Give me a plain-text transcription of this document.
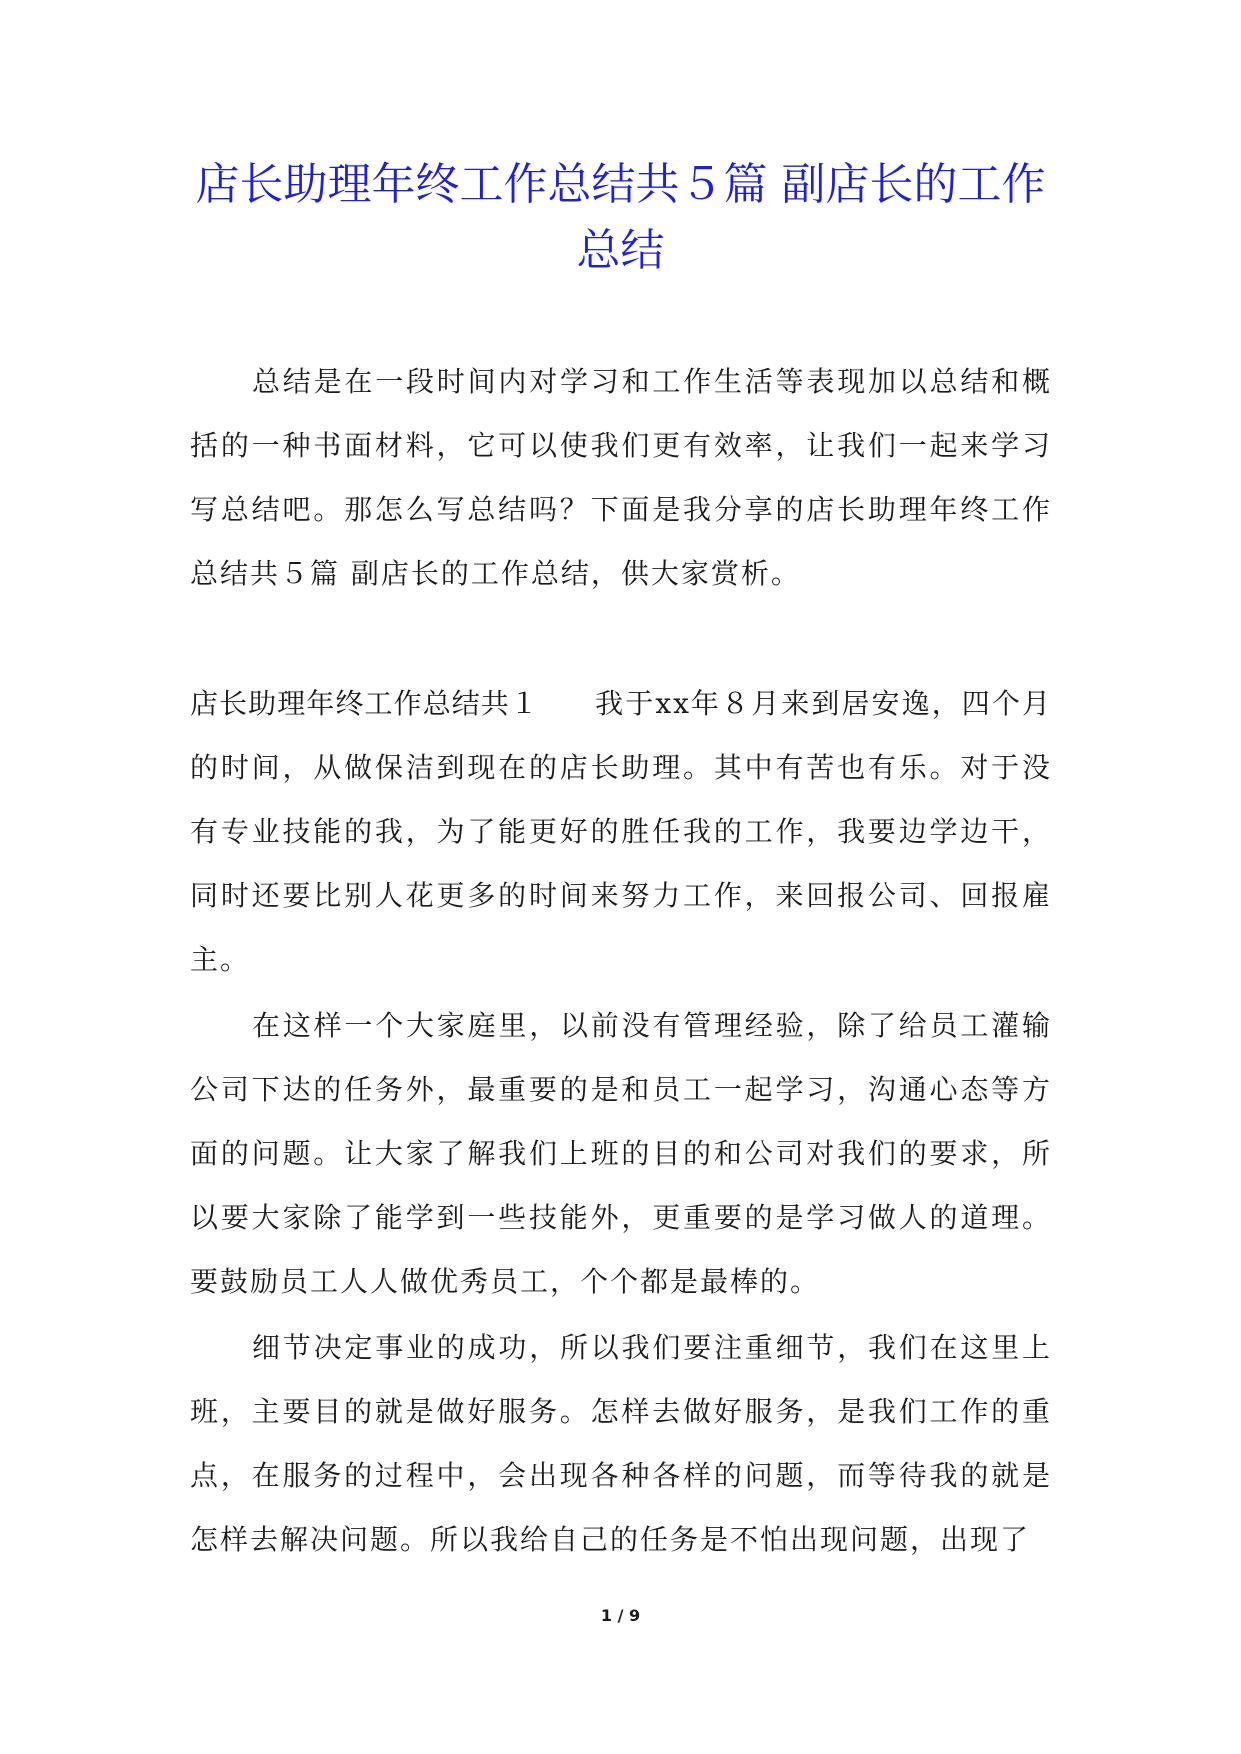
店长助理年终工作总结共５篇 副店长的工作总结

总结是在一段时间内对学习和工作生活等表现加以总结和概括的一种书面材料，它可以使我们更有效率，让我们一起来学习写总结吧。那怎么写总结吗？下面是我分享的店长助理年终工作总结共５篇 副店长的工作总结，供大家赏析。

店长助理年终工作总结共１ 我于xx年８月来到居安逸，四个月的时间，从做保洁到现在的店长助理。其中有苦也有乐。对于没有专业技能的我，为了能更好的胜任我的工作，我要边学边干，同时还要比别人花更多的时间来努力工作，来回报公司、回报雇主。

在这样一个大家庭里，以前没有管理经验，除了给员工灌输公司下达的任务外，最重要的是和员工一起学习，沟通心态等方面的问题。让大家了解我们上班的目的和公司对我们的要求，所以要大家除了能学到一些技能外，更重要的是学习做人的道理。要鼓励员工人人做优秀员工，个个都是最棒的。

细节决定事业的成功，所以我们要注重细节，我们在这里上班，主要目的就是做好服务。怎样去做好服务，是我们工作的重点，在服务的过程中，会出现各种各样的问题，而等待我的就是怎样去解决问题。所以我给自己的任务是不怕出现问题，出现了

1 / 9
